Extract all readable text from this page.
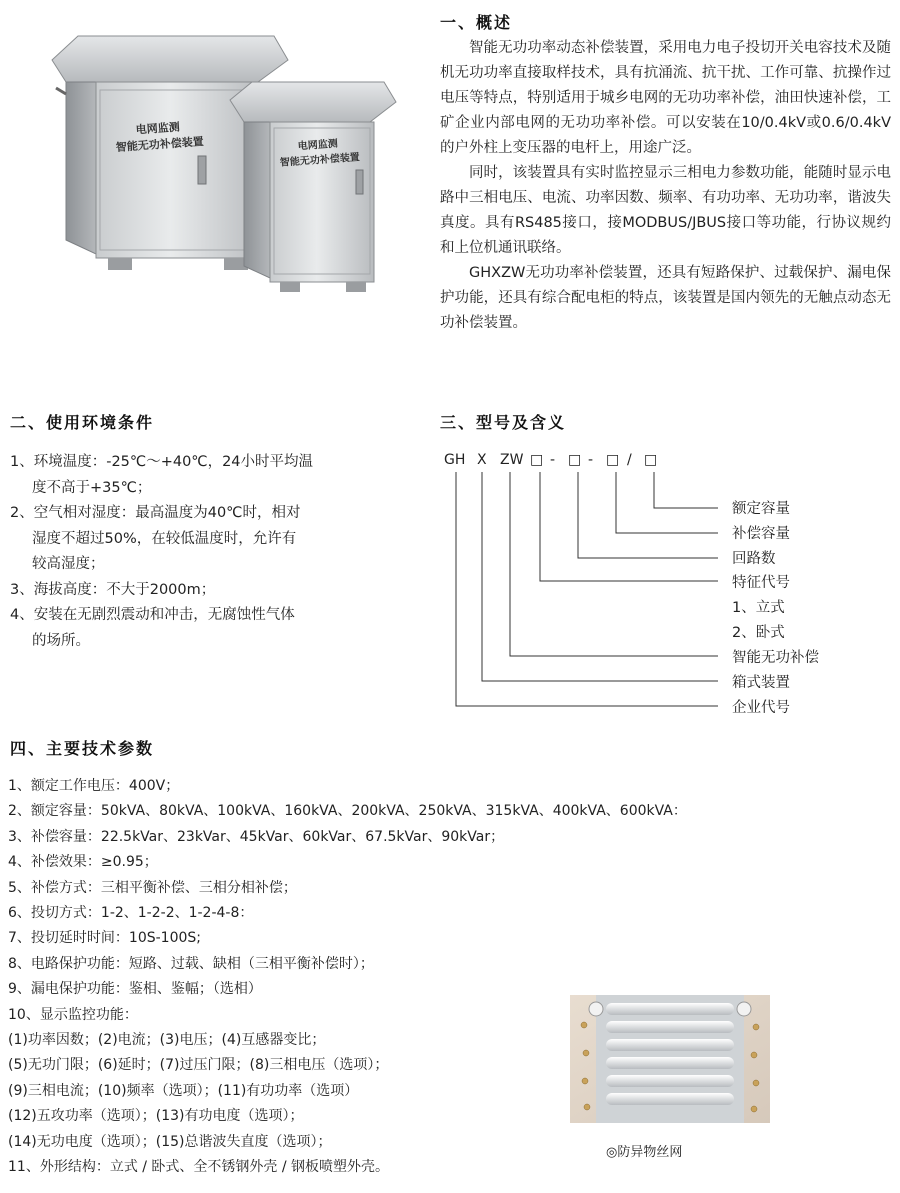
电网监测
智能无功补偿装置	电网监测
智能无功补偿装置
一、概述

智能无功功率动态补偿装置，采用电力电子投切开关电容技术及随机无功功率直接取样技术，具有抗涌流、抗干扰、工作可靠、抗操作过电压等特点，特别适用于城乡电网的无功功率补偿，油田快速补偿，工矿企业内部电网的无功功率补偿。可以安装在10/0.4kV或0.6/0.4kV的户外柱上变压器的电杆上，用途广泛。

同时，该装置具有实时监控显示三相电力参数功能，能随时显示电路中三相电压、电流、功率因数、频率、有功功率、无功功率，谐波失真度。具有RS485接口，接MODBUS/JBUS接口等功能，行协议规约和上位机通讯联络。

GHXZW无功功率补偿装置，还具有短路保护、过载保护、漏电保护功能，还具有综合配电柜的特点，该装置是国内领先的无触点动态无功补偿装置。

二、使用环境条件
1、环境温度：-25℃～+40℃，24小时平均温
度不高于+35℃；
2、空气相对湿度：最高温度为40℃时，相对
湿度不超过50%，在较低温度时，允许有
较高湿度；
3、海拔高度：不大于2000m；
4、安装在无剧烈震动和冲击，无腐蚀性气体
的场所。
三、型号及含义
GH X ZW □ - □ - □ / □
额定容量
补偿容量
回路数
特征代号
1、立式
2、卧式
智能无功补偿
箱式装置
企业代号
四、主要技术参数
1、额定工作电压：400V；
2、额定容量：50kVA、80kVA、100kVA、160kVA、200kVA、250kVA、315kVA、400kVA、600kVA：
3、补偿容量：22.5kVar、23kVar、45kVar、60kVar、67.5kVar、90kVar；
4、补偿效果：≥0.95；
5、补偿方式：三相平衡补偿、三相分相补偿；
6、投切方式：1-2、1-2-2、1-2-4-8：
7、投切延时时间：10S-100S;
8、电路保护功能：短路、过载、缺相（三相平衡补偿时）；
9、漏电保护功能：鉴相、鉴幅；（选相）
10、显示监控功能：
(1)功率因数；(2)电流；(3)电压；(4)互感器变比；
(5)无功门限；(6)延时；(7)过压门限；(8)三相电压（选项）；
(9)三相电流；(10)频率（选项）；(11)有功功率（选项）
(12)五攻功率（选项）；(13)有功电度（选项）；
(14)无功电度（选项）；(15)总谐波失直度（选项）；
11、外形结构：立式 / 卧式、全不锈钢外壳 / 钢板喷塑外壳。
◎防异物丝网
